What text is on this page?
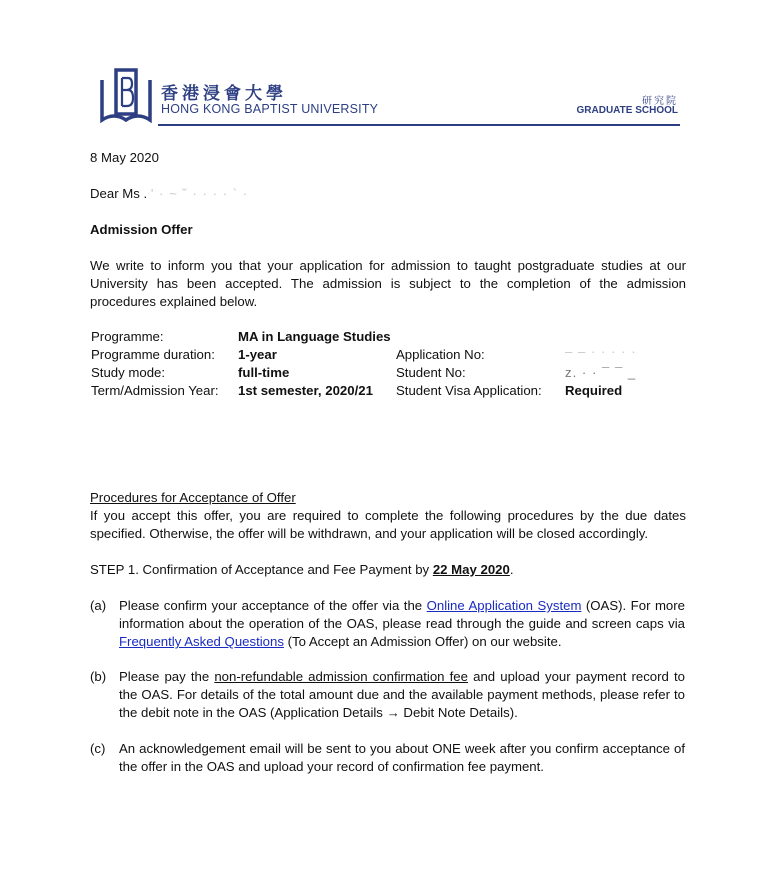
香港浸會大學
HONG KONG BAPTIST UNIVERSITY
研究院
GRADUATE SCHOOL
8 May 2020
Dear Ms . ' · ~ ˘ · · · · ` ·
Admission Offer
We write to inform you that your application for admission to taught postgraduate studies at our University has been accepted. The admission is subject to the completion of the admission procedures explained below.
Programme:	MA in Language Studies
Programme duration: 1-year	Application No:	– – · · · · ·
Study mode:	full-time	Student No:	z. · · ¯ ¯ _
Term/Admission Year: 1st semester, 2020/21 Student Visa Application: Required
Procedures for Acceptance of Offer
If you accept this offer, you are required to complete the following procedures by the due dates specified. Otherwise, the offer will be withdrawn, and your application will be closed accordingly.
STEP 1. Confirmation of Acceptance and Fee Payment by 22 May 2020.
(a) Please confirm your acceptance of the offer via the Online Application System (OAS). For more information about the operation of the OAS, please read through the guide and screen caps via Frequently Asked Questions (To Accept an Admission Offer) on our website.
(b) Please pay the non-refundable admission confirmation fee and upload your payment record to the OAS. For details of the total amount due and the available payment methods, please refer to the debit note in the OAS (Application Details → Debit Note Details).
(c) An acknowledgement email will be sent to you about ONE week after you confirm acceptance of the offer in the OAS and upload your record of confirmation fee payment.
